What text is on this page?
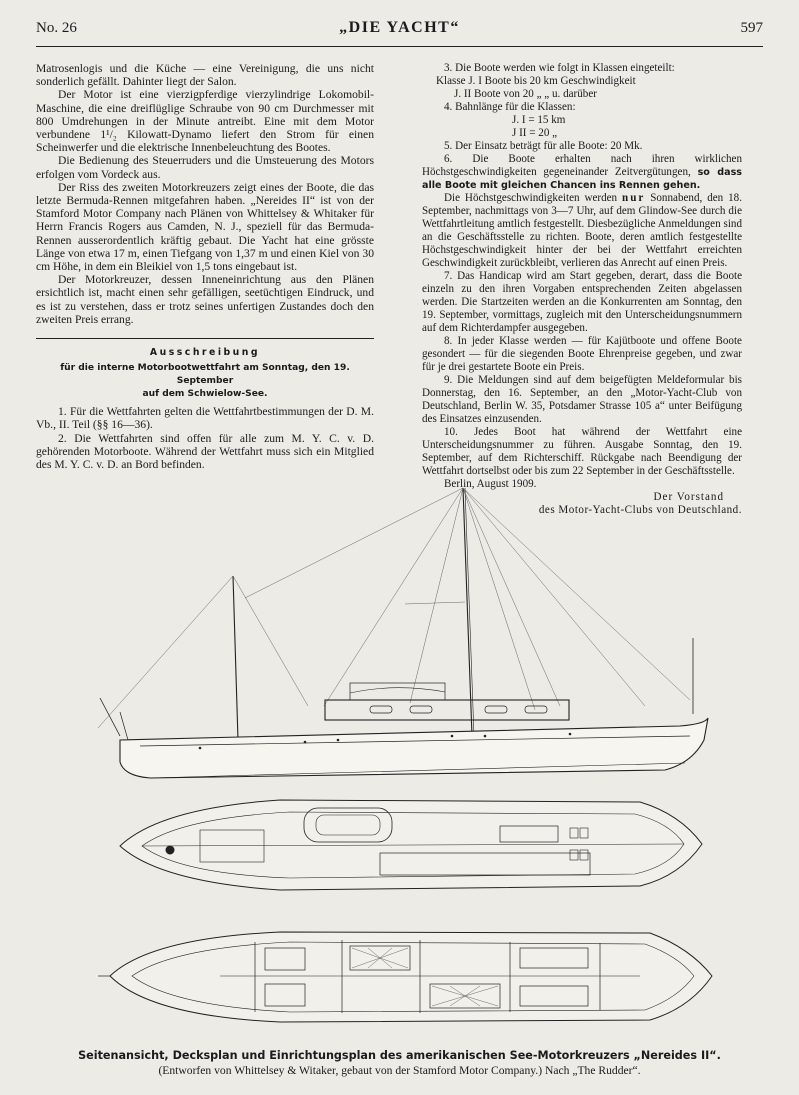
No. 26	„DIE YACHT“	597

Matrosenlogis und die Küche — eine Vereinigung, die uns nicht sonderlich gefällt. Dahinter liegt der Salon.

Der Motor ist eine vierzigpferdige vierzylindrige Lokomobil-Maschine, die eine dreiflüglige Schraube von 90 cm Durchmesser mit 800 Umdrehungen in der Minute antreibt. Eine mit dem Motor verbundene 1¹/₂ Kilowatt-Dynamo liefert den Strom für einen Scheinwerfer und die elektrische Innenbeleuchtung des Bootes.

Die Bedienung des Steuerruders und die Umsteuerung des Motors erfolgen vom Vordeck aus.

Der Riss des zweiten Motorkreuzers zeigt eines der Boote, die das letzte Bermuda-Rennen mitgefahren haben. „Nereides II“ ist von der Stamford Motor Company nach Plänen von Whittelsey & Whitaker für Herrn Francis Rogers aus Camden, N. J., speziell für das Bermuda-Rennen ausserordentlich kräftig gebaut. Die Yacht hat eine grösste Länge von etwa 17 m, einen Tiefgang von 1,37 m und einen Kiel von 30 cm Höhe, in dem ein Bleikiel von 1,5 tons eingebaut ist.

Der Motorkreuzer, dessen Inneneinrichtung aus den Plänen ersichtlich ist, macht einen sehr gefälligen, seetüchtigen Eindruck, und es ist zu verstehen, dass er trotz seines unfertigen Zustandes doch den zweiten Preis errang.

Ausschreibung
für die interne Motorbootwettfahrt am Sonntag, den 19. September
auf dem Schwielow-See.

1. Für die Wettfahrten gelten die Wettfahrtbestimmungen der D. M. Vb., II. Teil (§§ 16—36).

2. Die Wettfahrten sind offen für alle zum M. Y. C. v. D. gehörenden Motorboote. Während der Wettfahrt muss sich ein Mitglied des M. Y. C. v. D. an Bord befinden.

3. Die Boote werden wie folgt in Klassen eingeteilt:

Klasse J. I Boote bis 20 km Geschwindigkeit

J. II Boote von 20 „ „ u. darüber

4. Bahnlänge für die Klassen:

J. I = 15 km

J II = 20 „

5. Der Einsatz beträgt für alle Boote: 20 Mk.

6. Die Boote erhalten nach ihren wirklichen Höchstgeschwindigkeiten gegeneinander Zeitvergütungen, so dass alle Boote mit gleichen Chancen ins Rennen gehen.

Die Höchstgeschwindigkeiten werden nur Sonnabend, den 18. September, nachmittags von 3—7 Uhr, auf dem Glindow-See durch die Wettfahrtleitung amtlich festgestellt. Diesbezügliche Anmeldungen sind an die Geschäftsstelle zu richten. Boote, deren amtlich festgestellte Höchstgeschwindigkeit hinter der bei der Wettfahrt erreichten Geschwindigkeit zurückbleibt, verlieren das Anrecht auf einen Preis.

7. Das Handicap wird am Start gegeben, derart, dass die Boote einzeln zu den ihren Vorgaben entsprechenden Zeiten abgelassen werden. Die Startzeiten werden an die Konkurrenten am Sonntag, den 19. September, vormittags, zugleich mit den Unterscheidungsnummern auf dem Richterdampfer ausgegeben.

8. In jeder Klasse werden — für Kajütboote und offene Boote gesondert — für die siegenden Boote Ehrenpreise gegeben, und zwar für je drei gestartete Boote ein Preis.

9. Die Meldungen sind auf dem beigefügten Meldeformular bis Donnerstag, den 16. September, an den „Motor-Yacht-Club von Deutschland, Berlin W. 35, Potsdamer Strasse 105 a“ unter Beifügung des Einsatzes einzusenden.

10. Jedes Boot hat während der Wettfahrt eine Unterscheidungsnummer zu führen. Ausgabe Sonntag, den 19. September, auf dem Richterschiff. Rückgabe nach Beendigung der Wettfahrt dortselbst oder bis zum 22 September in der Geschäftsstelle.

Berlin, August 1909.

Der Vorstand

des Motor-Yacht-Clubs von Deutschland.

Seitenansicht, Decksplan und Einrichtungsplan des amerikanischen See-Motorkreuzers „Nereides II“.
(Entworfen von Whittelsey & Witaker, gebaut von der Stamford Motor Company.) Nach „The Rudder“.
